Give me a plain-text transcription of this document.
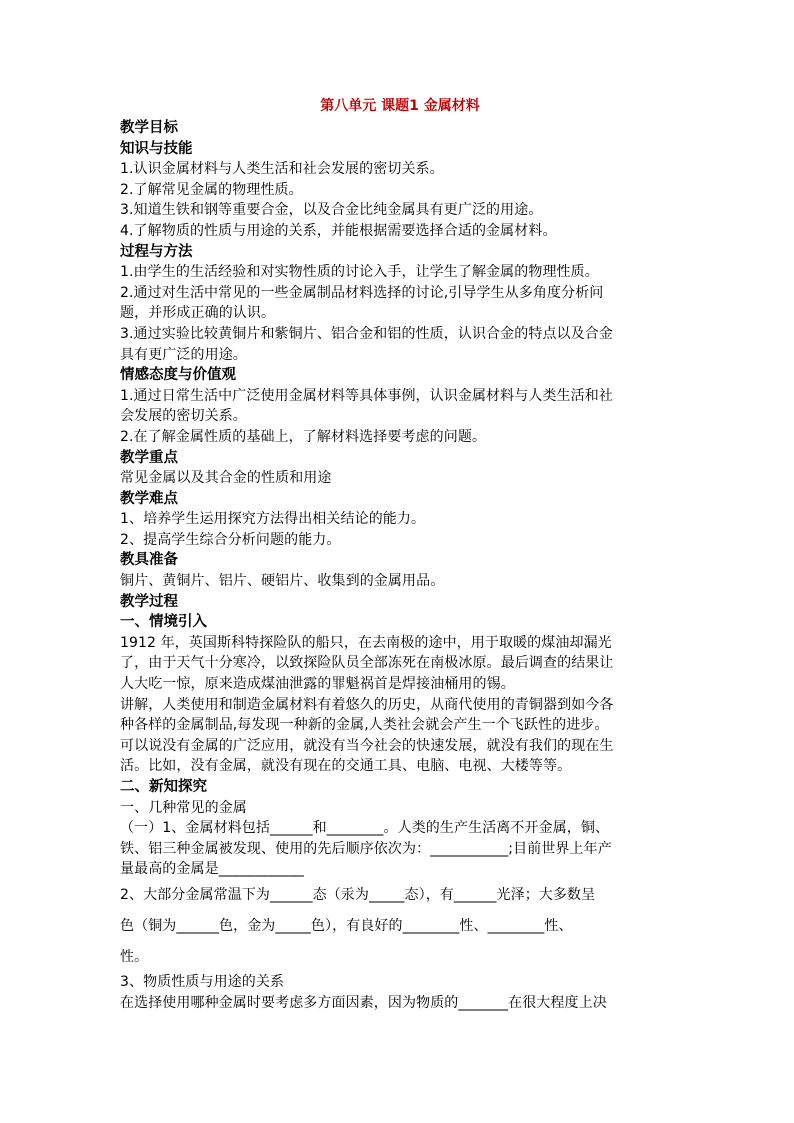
第八单元 课题1 金属材料
教学目标
知识与技能
1.认识金属材料与人类生活和社会发展的密切关系。
2.了解常见金属的物理性质。
3.知道生铁和钢等重要合金，以及合金比纯金属具有更广泛的用途。
4.了解物质的性质与用途的关系，并能根据需要选择合适的金属材料。
过程与方法
1.由学生的生活经验和对实物性质的讨论入手，让学生了解金属的物理性质。
2.通过对生活中常见的一些金属制品材料选择的讨论,引导学生从多角度分析问
题，并形成正确的认识。
3.通过实验比较黄铜片和紫铜片、铝合金和铝的性质，认识合金的特点以及合金
具有更广泛的用途。
情感态度与价值观
1.通过日常生活中广泛使用金属材料等具体事例，认识金属材料与人类生活和社
会发展的密切关系。
2.在了解金属性质的基础上，了解材料选择要考虑的问题。
教学重点
常见金属以及其合金的性质和用途
教学难点
1、培养学生运用探究方法得出相关结论的能力。
2、提高学生综合分析问题的能力。
教具准备
铜片、黄铜片、铝片、硬铝片、收集到的金属用品。
教学过程
一、情境引入
1912 年，英国斯科特探险队的船只，在去南极的途中，用于取暖的煤油却漏光
了，由于天气十分寒冷，以致探险队员全部冻死在南极冰原。最后调查的结果让
人大吃一惊，原来造成煤油泄露的罪魁祸首是焊接油桶用的锡。
讲解，人类使用和制造金属材料有着悠久的历史，从商代使用的青铜器到如今各
种各样的金属制品,每发现一种新的金属,人类社会就会产生一个飞跃性的进步。
可以说没有金属的广泛应用，就没有当今社会的快速发展，就没有我们的现在生
活。比如，没有金属，就没有现在的交通工具、电脑、电视、大楼等等。
二、新知探究
一、几种常见的金属
（一）1、金属材料包括______和________。人类的生产生活离不开金属，铜、
铁、铝三种金属被发现、使用的先后顺序依次为：___________;目前世界上年产
量最高的金属是____________
2、大部分金属常温下为______态（汞为_____态），有______光泽；大多数呈
色（铜为______色，金为_____色），有良好的________性、________性、
性。
3、物质性质与用途的关系
在选择使用哪种金属时要考虑多方面因素，因为物质的_______在很大程度上决
